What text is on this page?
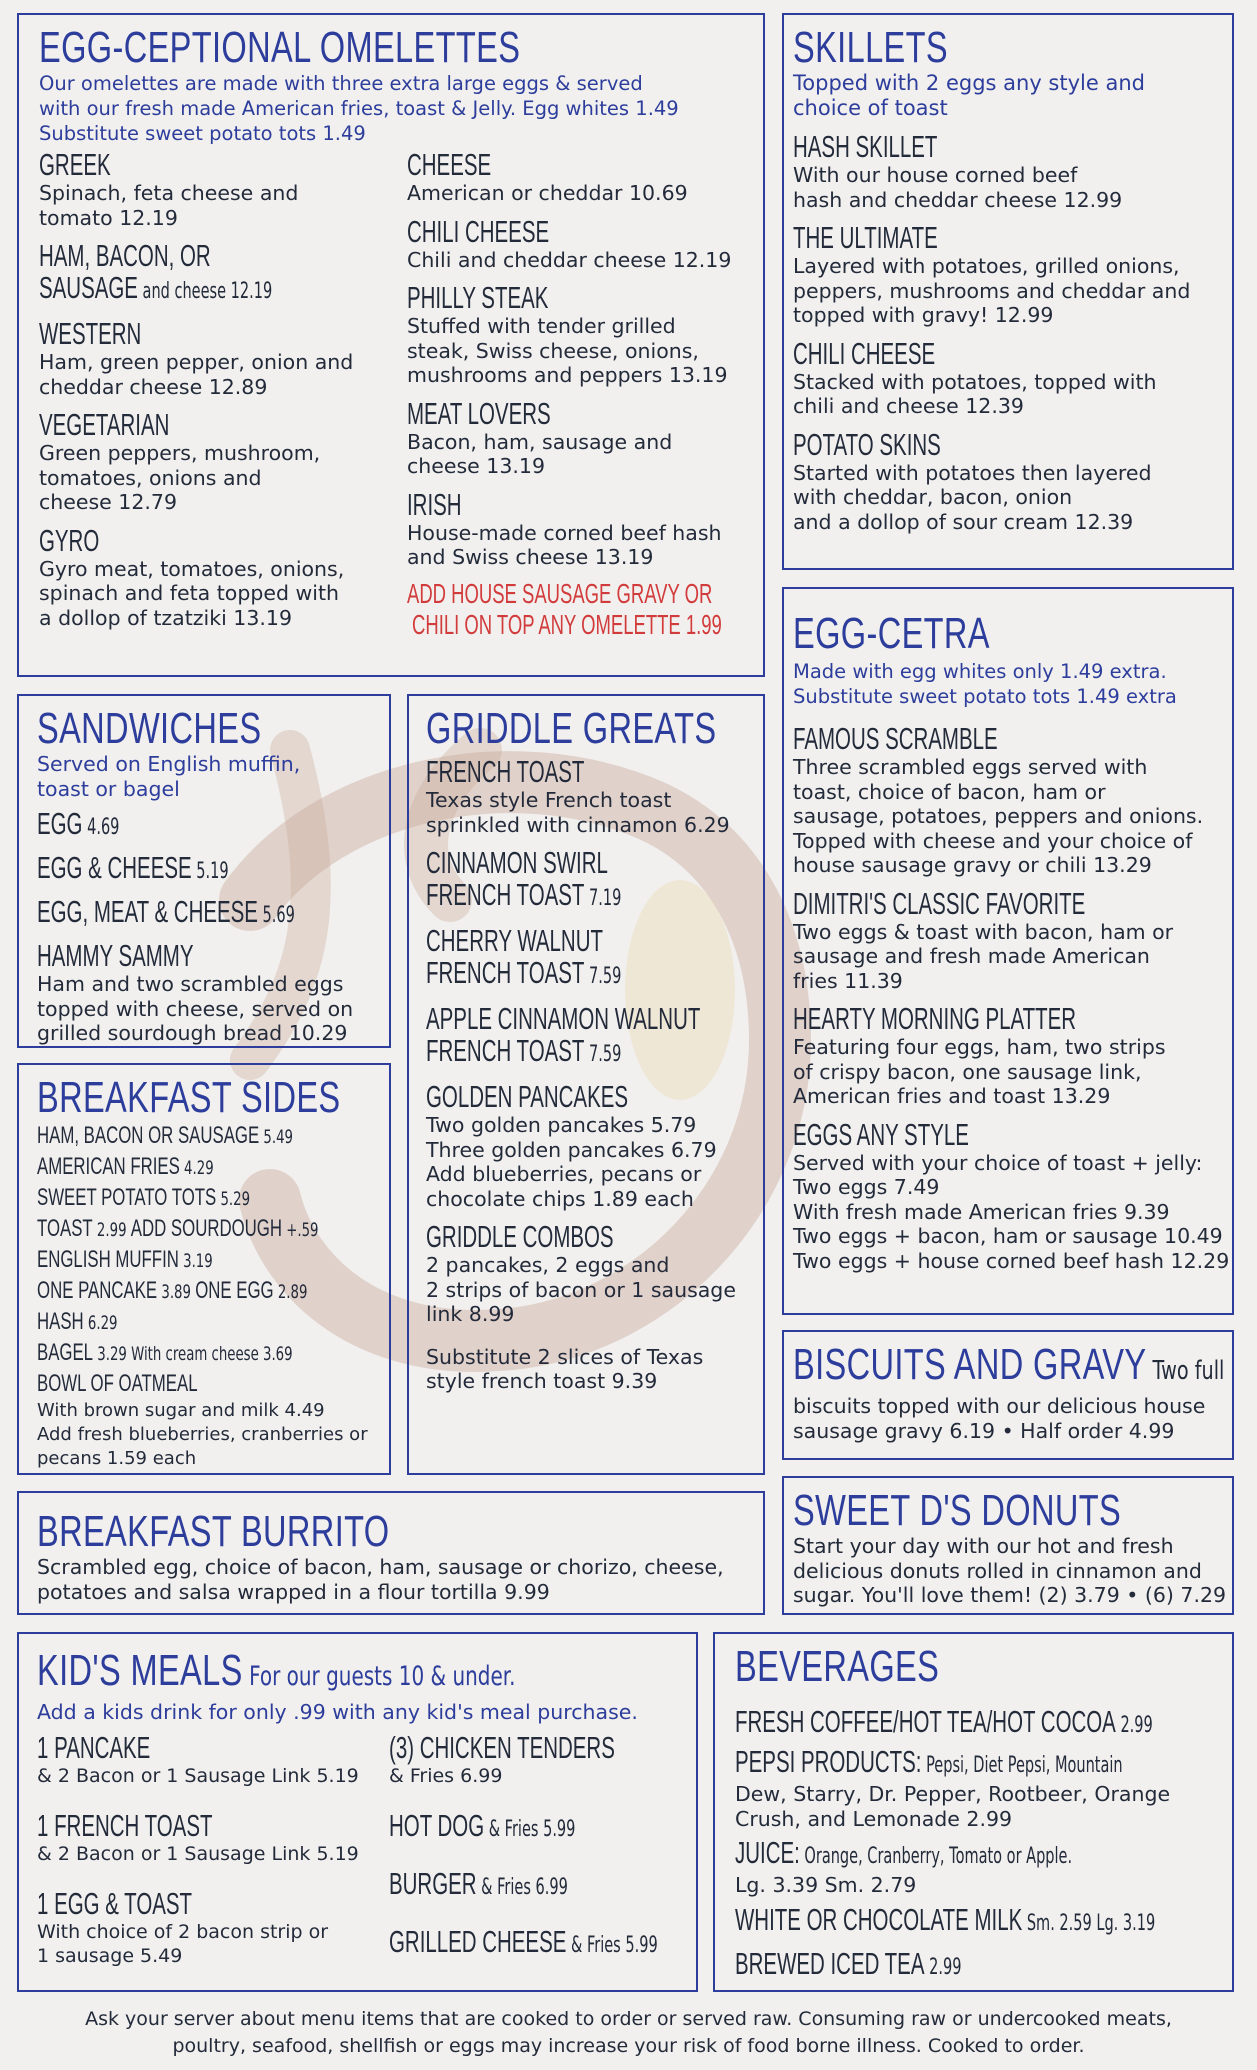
EGG-CEPTIONAL OMELETTES
Our omelettes are made with three extra large eggs & served
with our fresh made American fries, toast & Jelly. Egg whites 1.49
Substitute sweet potato tots 1.49
GREEK
Spinach, feta cheese and
tomato 12.19
HAM, BACON, OR
SAUSAGE and cheese 12.19
WESTERN
Ham, green pepper, onion and
cheddar cheese 12.89
VEGETARIAN
Green peppers, mushroom,
tomatoes, onions and
cheese 12.79
GYRO
Gyro meat, tomatoes, onions,
spinach and feta topped with
a dollop of tzatziki 13.19
CHEESE
American or cheddar 10.69
CHILI CHEESE
Chili and cheddar cheese 12.19
PHILLY STEAK
Stuffed with tender grilled
steak, Swiss cheese, onions,
mushrooms and peppers 13.19
MEAT LOVERS
Bacon, ham, sausage and
cheese 13.19
IRISH
House-made corned beef hash
and Swiss cheese 13.19
ADD HOUSE SAUSAGE GRAVY OR
CHILI ON TOP ANY OMELETTE 1.99
SKILLETS
Topped with 2 eggs any style and
choice of toast
HASH SKILLET
With our house corned beef
hash and cheddar cheese 12.99
THE ULTIMATE
Layered with potatoes, grilled onions,
peppers, mushrooms and cheddar and
topped with gravy! 12.99
CHILI CHEESE
Stacked with potatoes, topped with
chili and cheese 12.39
POTATO SKINS
Started with potatoes then layered
with cheddar, bacon, onion
and a dollop of sour cream 12.39
SANDWICHES
Served on English muffin,
toast or bagel
EGG 4.69
EGG & CHEESE 5.19
EGG, MEAT & CHEESE 5.69
HAMMY SAMMY
Ham and two scrambled eggs
topped with cheese, served on
grilled sourdough bread 10.29
GRIDDLE GREATS
FRENCH TOAST
Texas style French toast
sprinkled with cinnamon 6.29
CINNAMON SWIRL
FRENCH TOAST 7.19
CHERRY WALNUT
FRENCH TOAST 7.59
APPLE CINNAMON WALNUT
FRENCH TOAST 7.59
GOLDEN PANCAKES
Two golden pancakes 5.79
Three golden pancakes 6.79
Add blueberries, pecans or
chocolate chips 1.89 each
GRIDDLE COMBOS
2 pancakes, 2 eggs and
2 strips of bacon or 1 sausage
link 8.99
Substitute 2 slices of Texas
style french toast 9.39
EGG-CETRA
Made with egg whites only 1.49 extra.
Substitute sweet potato tots 1.49 extra
FAMOUS SCRAMBLE
Three scrambled eggs served with
toast, choice of bacon, ham or
sausage, potatoes, peppers and onions.
Topped with cheese and your choice of
house sausage gravy or chili 13.29
DIMITRI'S CLASSIC FAVORITE
Two eggs & toast with bacon, ham or
sausage and fresh made American
fries 11.39
HEARTY MORNING PLATTER
Featuring four eggs, ham, two strips
of crispy bacon, one sausage link,
American fries and toast 13.29
EGGS ANY STYLE
Served with your choice of toast + jelly:
Two eggs 7.49
With fresh made American fries 9.39
Two eggs + bacon, ham or sausage 10.49
Two eggs + house corned beef hash 12.29
BREAKFAST SIDES
HAM, BACON OR SAUSAGE 5.49
AMERICAN FRIES 4.29
SWEET POTATO TOTS 5.29
TOAST 2.99 ADD SOURDOUGH +.59
ENGLISH MUFFIN 3.19
ONE PANCAKE 3.89 ONE EGG 2.89
HASH 6.29
BAGEL 3.29 With cream cheese 3.69
BOWL OF OATMEAL
With brown sugar and milk 4.49
Add fresh blueberries, cranberries or
pecans 1.59 each
BISCUITS AND GRAVY Two full
biscuits topped with our delicious house
sausage gravy 6.19 • Half order 4.99
BREAKFAST BURRITO
Scrambled egg, choice of bacon, ham, sausage or chorizo, cheese,
potatoes and salsa wrapped in a flour tortilla 9.99
SWEET D'S DONUTS
Start your day with our hot and fresh
delicious donuts rolled in cinnamon and
sugar. You'll love them! (2) 3.79 • (6) 7.29
KID'S MEALS For our guests 10 & under.
Add a kids drink for only .99 with any kid's meal purchase.
1 PANCAKE
& 2 Bacon or 1 Sausage Link 5.19
1 FRENCH TOAST
& 2 Bacon or 1 Sausage Link 5.19
1 EGG & TOAST
With choice of 2 bacon strip or
1 sausage 5.49
(3) CHICKEN TENDERS
& Fries 6.99
HOT DOG & Fries 5.99
BURGER & Fries 6.99
GRILLED CHEESE & Fries 5.99
BEVERAGES
FRESH COFFEE/HOT TEA/HOT COCOA 2.99
PEPSI PRODUCTS: Pepsi, Diet Pepsi, Mountain
Dew, Starry, Dr. Pepper, Rootbeer, Orange
Crush, and Lemonade 2.99
JUICE: Orange, Cranberry, Tomato or Apple.
Lg. 3.39 Sm. 2.79
WHITE OR CHOCOLATE MILK Sm. 2.59 Lg. 3.19
BREWED ICED TEA 2.99
Ask your server about menu items that are cooked to order or served raw. Consuming raw or undercooked meats,
poultry, seafood, shellfish or eggs may increase your risk of food borne illness. Cooked to order.
